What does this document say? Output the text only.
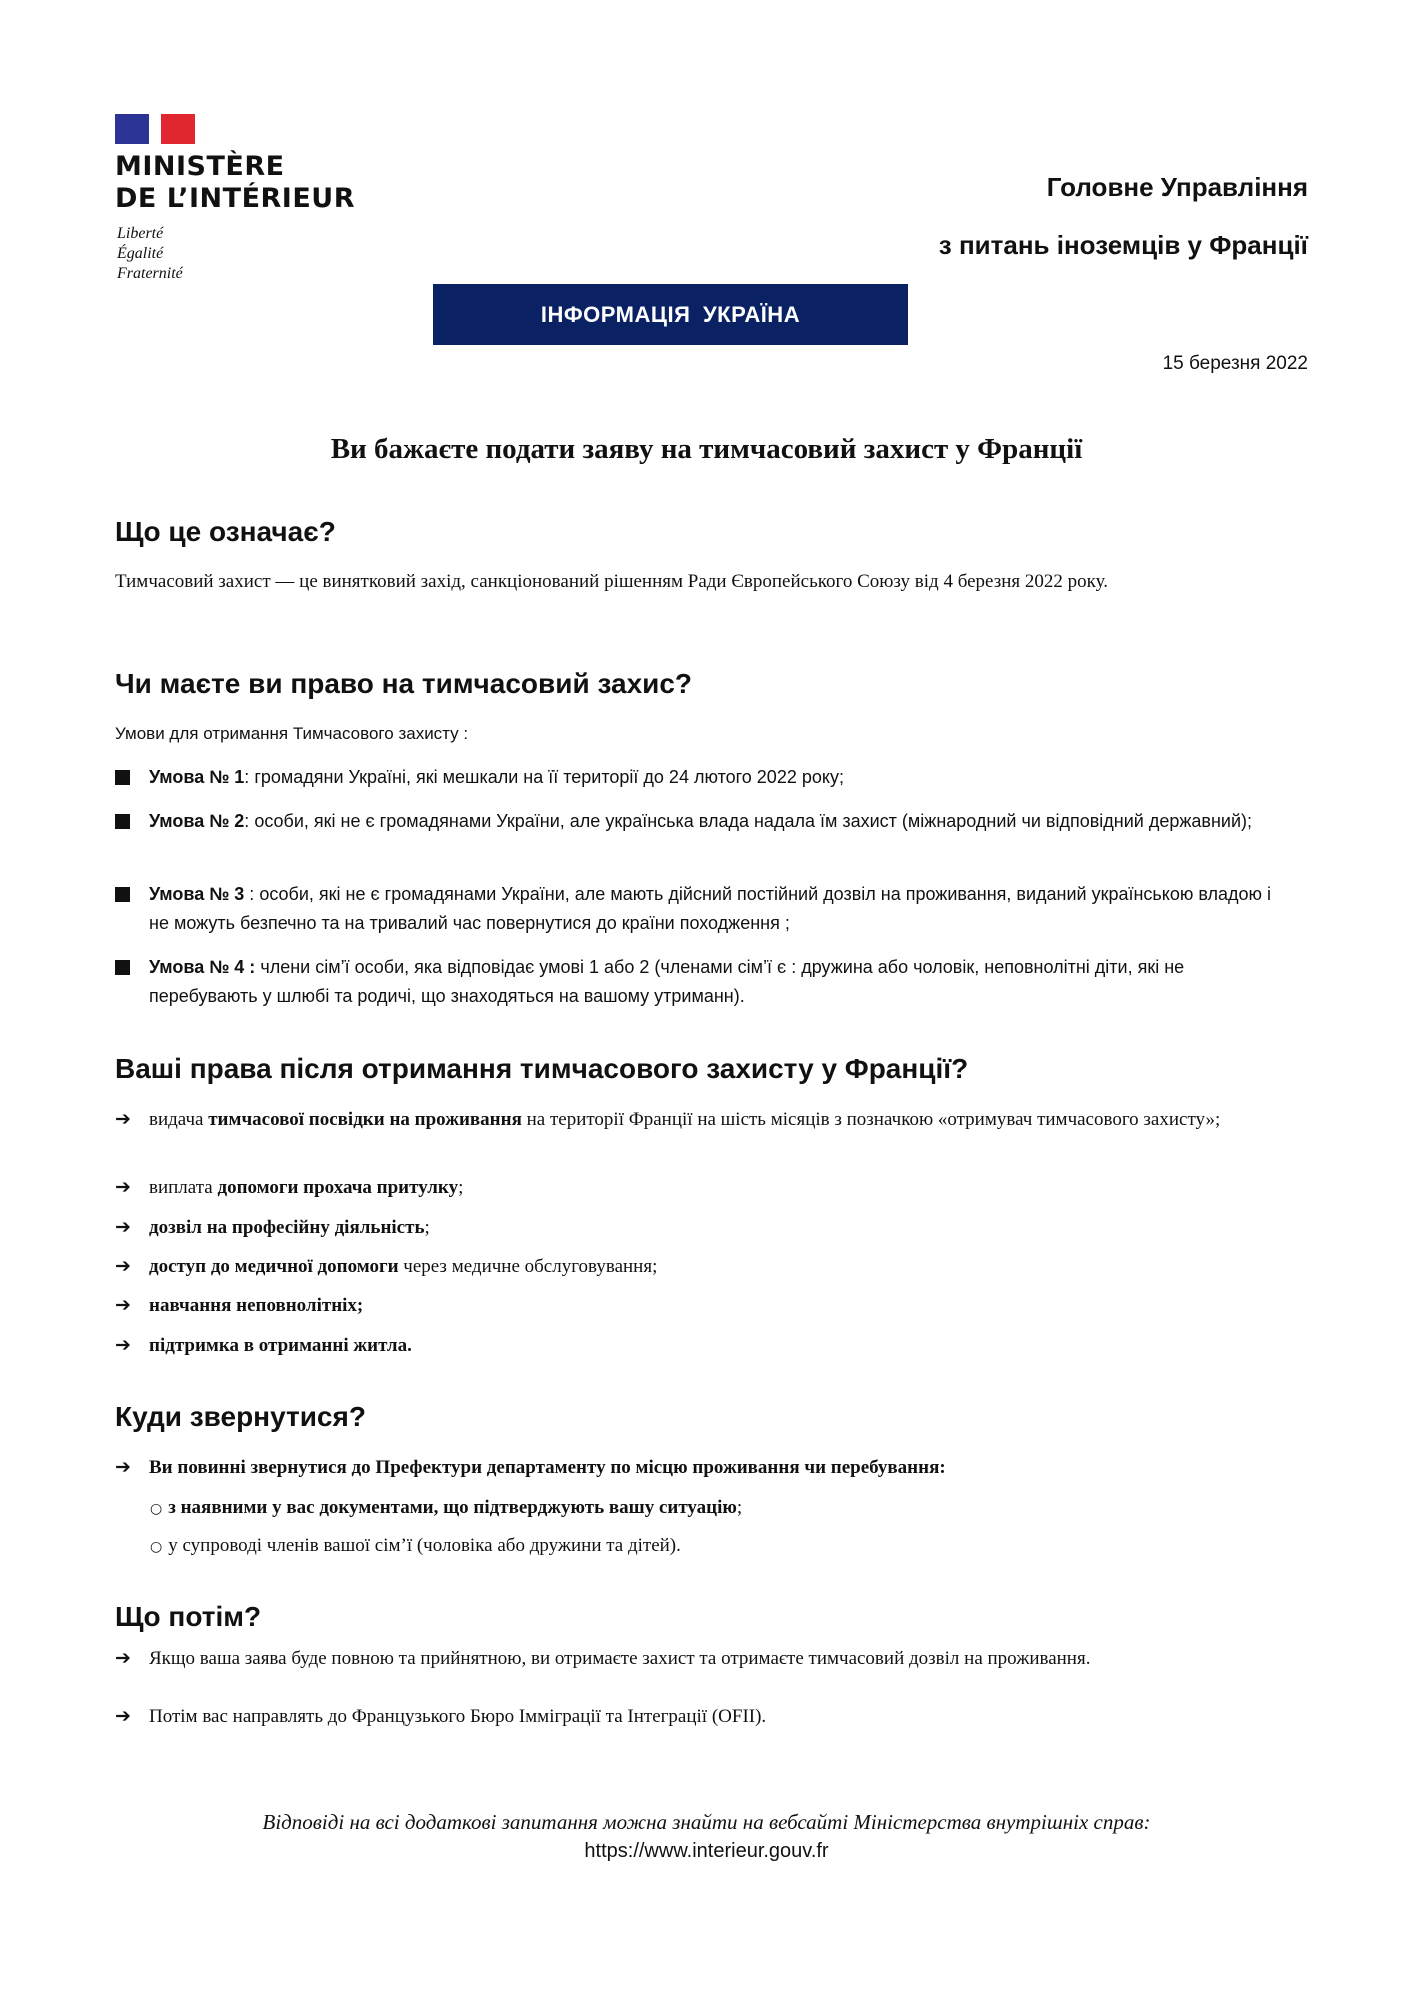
MINISTÈRE
DE L’INTÉRIEUR
Liberté
Égalité
Fraternité
Головне Управління
з питань іноземців у Франції
ІНФОРМАЦІЯ УКРАЇНА
15 березня 2022
Ви бажаєте подати заяву на тимчасовий захист у Франції
Що це означає?
Тимчасовий захист — це винятковий захід, санкціонований рішенням Ради Європейського Союзу від 4 березня 2022 року.
Чи маєте ви право на тимчасовий захис?
Умови для отримання Тимчасового захисту :
Умова № 1: громадяни Україні, які мешкали на її території до 24 лютого 2022 року;
Умова № 2: особи, які не є громадянами України, але українська влада надала їм захист (міжнародний чи відповідний державний);
Умова № 3 : особи, які не є громадянами України, але мають дійсний постійний дозвіл на проживання, виданий українською владою і не можуть безпечно та на тривалий час повернутися до країни походження ;
Умова № 4 : члени сім’ї особи, яка відповідає умові 1 або 2 (членами сім’ї є : дружина або чоловік, неповнолітні діти, які не перебувають у шлюбі та родичі, що знаходяться на вашому утриманн).
Ваші права після отримання тимчасового захисту у Франції?
➔ видача тимчасової посвідки на проживання на території Франції на шість місяців з позначкою «отримувач тимчасового захисту»;
➔ виплата допомоги прохача притулку;
➔ дозвіл на професійну діяльність;
➔ доступ до медичної допомоги через медичне обслуговування;
➔ навчання неповнолітніх;
➔ підтримка в отриманні житла.
Куди звернутися?
➔ Ви повинні звернутися до Префектури департаменту по місцю проживання чи перебування:
○ з наявними у вас документами, що підтверджують вашу ситуацію;
○ у супроводі членів вашої сім’ї (чоловіка або дружини та дітей).
Що потім?
➔ Якщо ваша заява буде повною та прийнятною, ви отримаєте захист та отримаєте тимчасовий дозвіл на проживання.
➔ Потім вас направлять до Французького Бюро Імміграції та Інтеграції (OFII).
Відповіді на всі додаткові запитання можна знайти на вебсайті Міністерства внутрішніх справ:
https://www.interieur.gouv.fr
